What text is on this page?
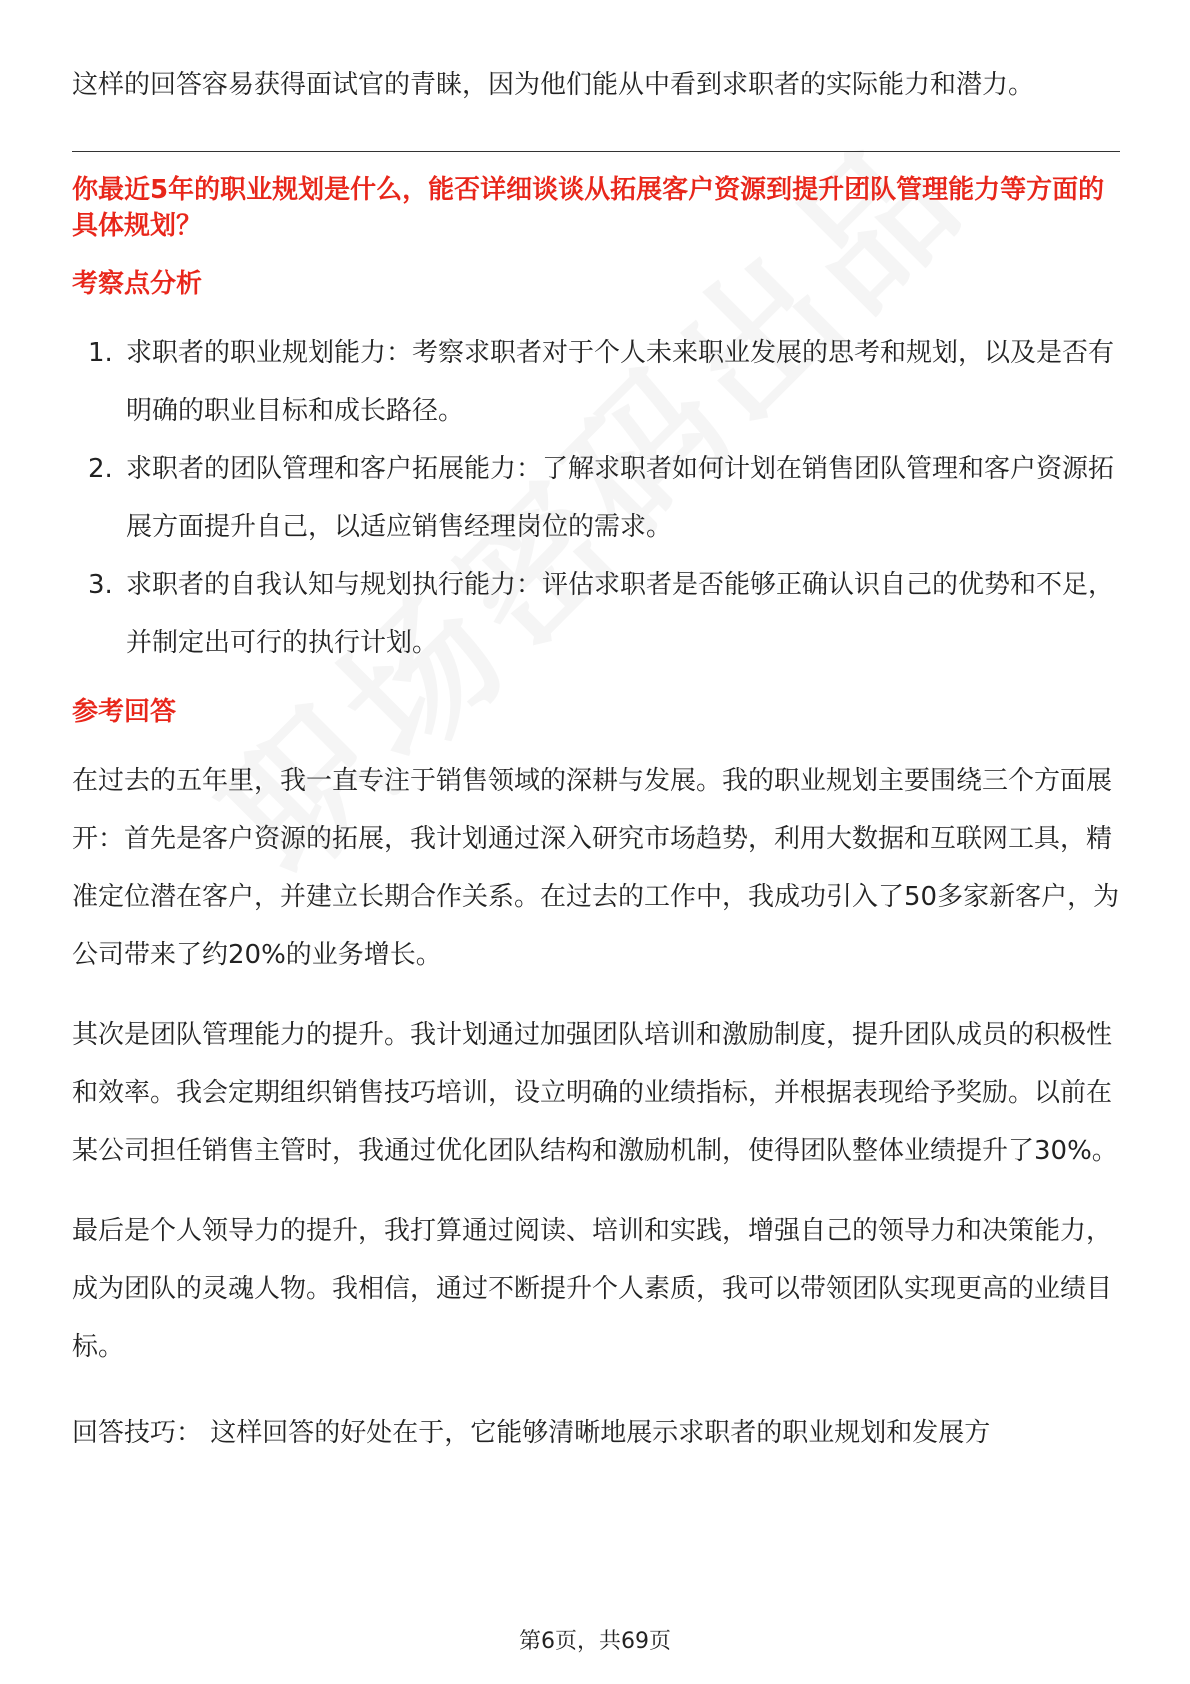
这样的回答容易获得面试官的青睐，因为他们能从中看到求职者的实际能力和潜力。

你最近5年的职业规划是什么，能否详细谈谈从拓展客户资源到提升团队管理能力等方面的具体规划？
考察点分析
1. 求职者的职业规划能力：考察求职者对于个人未来职业发展的思考和规划，以及是否有明确的职业目标和成长路径。
2. 求职者的团队管理和客户拓展能力：了解求职者如何计划在销售团队管理和客户资源拓展方面提升自己，以适应销售经理岗位的需求。
3. 求职者的自我认知与规划执行能力：评估求职者是否能够正确认识自己的优势和不足，并制定出可行的执行计划。
参考回答

在过去的五年里，我一直专注于销售领域的深耕与发展。我的职业规划主要围绕三个方面展开：首先是客户资源的拓展，我计划通过深入研究市场趋势，利用大数据和互联网工具，精准定位潜在客户，并建立长期合作关系。在过去的工作中，我成功引入了50多家新客户，为公司带来了约20%的业务增长。

其次是团队管理能力的提升。我计划通过加强团队培训和激励制度，提升团队成员的积极性和效率。我会定期组织销售技巧培训，设立明确的业绩指标，并根据表现给予奖励。以前在某公司担任销售主管时，我通过优化团队结构和激励机制，使得团队整体业绩提升了30%。

最后是个人领导力的提升，我打算通过阅读、培训和实践，增强自己的领导力和决策能力，成为团队的灵魂人物。我相信，通过不断提升个人素质，我可以带领团队实现更高的业绩目标。

回答技巧： 这样回答的好处在于，它能够清晰地展示求职者的职业规划和发展方

第6页，共69页
